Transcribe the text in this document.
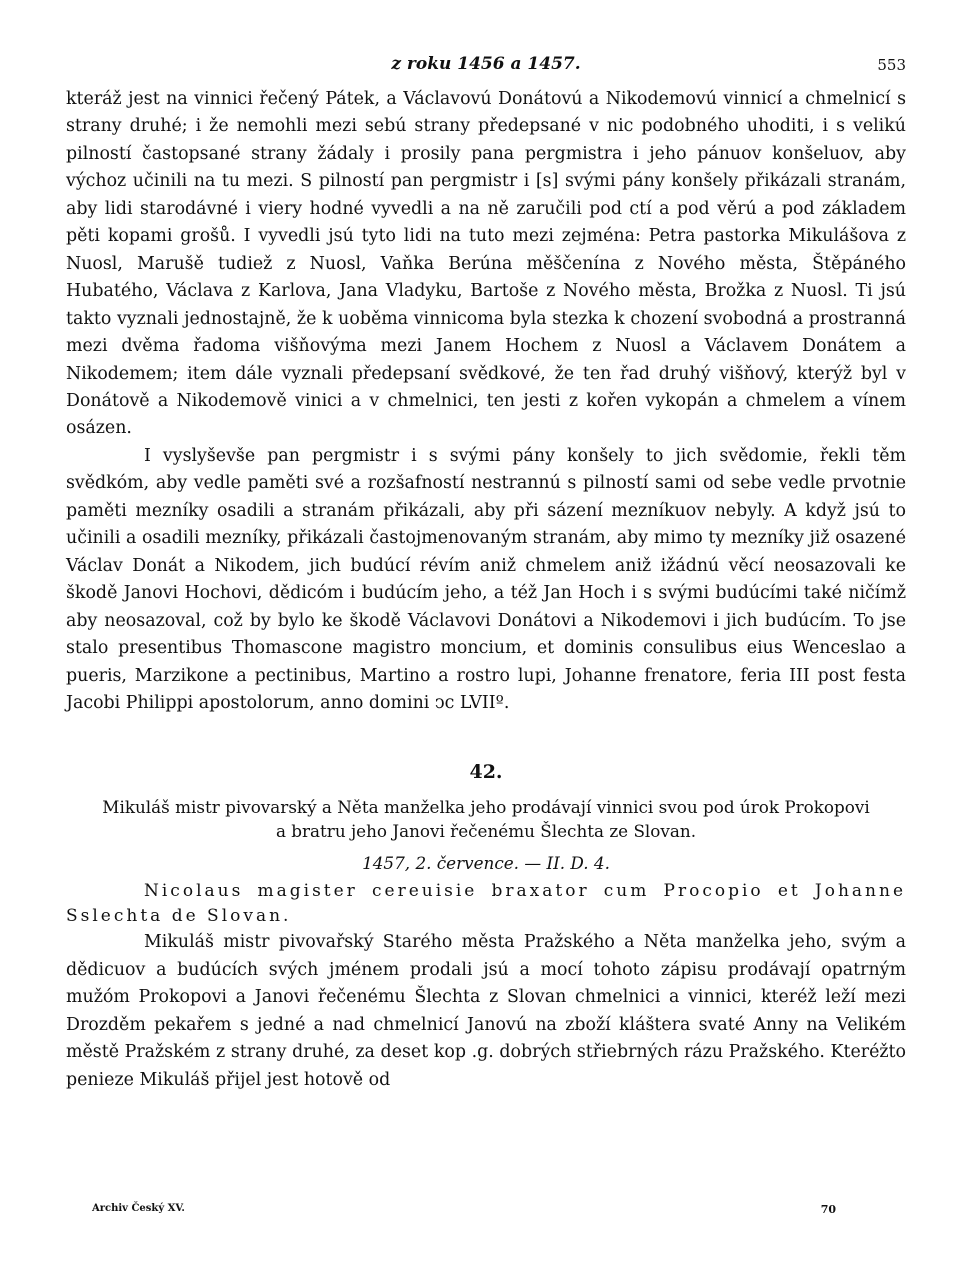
z roku 1456 a 1457.	553

kteráž jest na vinnici řečený Pátek, a Václavovú Donátovú a Nikodemovú vinnicí a chmelnicí s strany druhé; i že nemohli mezi sebú strany předepsané v nic podobného uhoditi, i s velikú pilností častopsané strany žádaly i prosily pana pergmistra i jeho pánuov konšeluov, aby výchoz učinili na tu mezi. S pilností pan pergmistr i [s] svými pány konšely přikázali stranám, aby lidi starodávné i viery hodné vyvedli a na ně zaručili pod ctí a pod věrú a pod základem pěti kopami grošů. I vyvedli jsú tyto lidi na tuto mezi zejména: Petra pastorka Mikulášova z Nuosl, Marušě tudiež z Nuosl, Vaňka Berúna měščenína z Nového města, Štěpáného Hubatého, Václava z Karlova, Jana Vladyku, Bartoše z Nového města, Brožka z Nuosl. Ti jsú takto vyznali jednostajně, že k uoběma vinnicoma byla stezka k chození svobodná a prostranná mezi dvěma řadoma višňovýma mezi Janem Hochem z Nuosl a Václavem Donátem a Nikodemem; item dále vyznali předepsaní svědkové, že ten řad druhý višňový, kterýž byl v Donátově a Nikodemově vinici a v chmelnici, ten jesti z kořen vykopán a chmelem a vínem osázen.

I vyslyševše pan pergmistr i s svými pány konšely to jich svědomie, řekli těm svědkóm, aby vedle paměti své a rozšafností nestrannú s pilností sami od sebe vedle prvotnie paměti mezníky osadili a stranám přikázali, aby při sázení mezníkuov nebyly. A když jsú to učinili a osadili mezníky, přikázali častojmenovaným stranám, aby mimo ty mezníky již osazené Václav Donát a Nikodem, jich budúcí révím aniž chmelem aniž ižádnú věcí neosazovali ke škodě Janovi Hochovi, dědicóm i budúcím jeho, a též Jan Hoch i s svými budúcími také ničímž aby neosazoval, což by bylo ke škodě Václavovi Donátovi a Nikodemovi i jich budúcím. To jse stalo presentibus Thomascone magistro moncium, et dominis consulibus eius Wenceslao a pueris, Marzikone a pectinibus, Martino a rostro lupi, Johanne frenatore, feria III post festa Jacobi Philippi apostolorum, anno domini ͻc LVIIº.

42.
Mikuláš mistr pivovarský a Něta manželka jeho prodávají vinnici svou pod úrok Prokopovi
a bratru jeho Janovi řečenému Šlechta ze Slovan.
1457, 2. července. — II. D. 4.

Nicolaus magister cereuisie braxator cum Procopio et Johanne Sslechta de Slovan.

Mikuláš mistr pivovařský Starého města Pražského a Něta manželka jeho, svým a dědicuov a budúcích svých jménem prodali jsú a mocí tohoto zápisu prodávají opatrným mužóm Prokopovi a Janovi řečenému Šlechta z Slovan chmelnici a vinnici, kteréž leží mezi Drozděm pekařem s jedné a nad chmelnicí Janovú na zboží kláštera svaté Anny na Velikém městě Pražském z strany druhé, za deset kop .g. dobrých střiebrných rázu Pražského. Kteréžto penieze Mikuláš přijel jest hotově od

Archiv Český XV.	70
